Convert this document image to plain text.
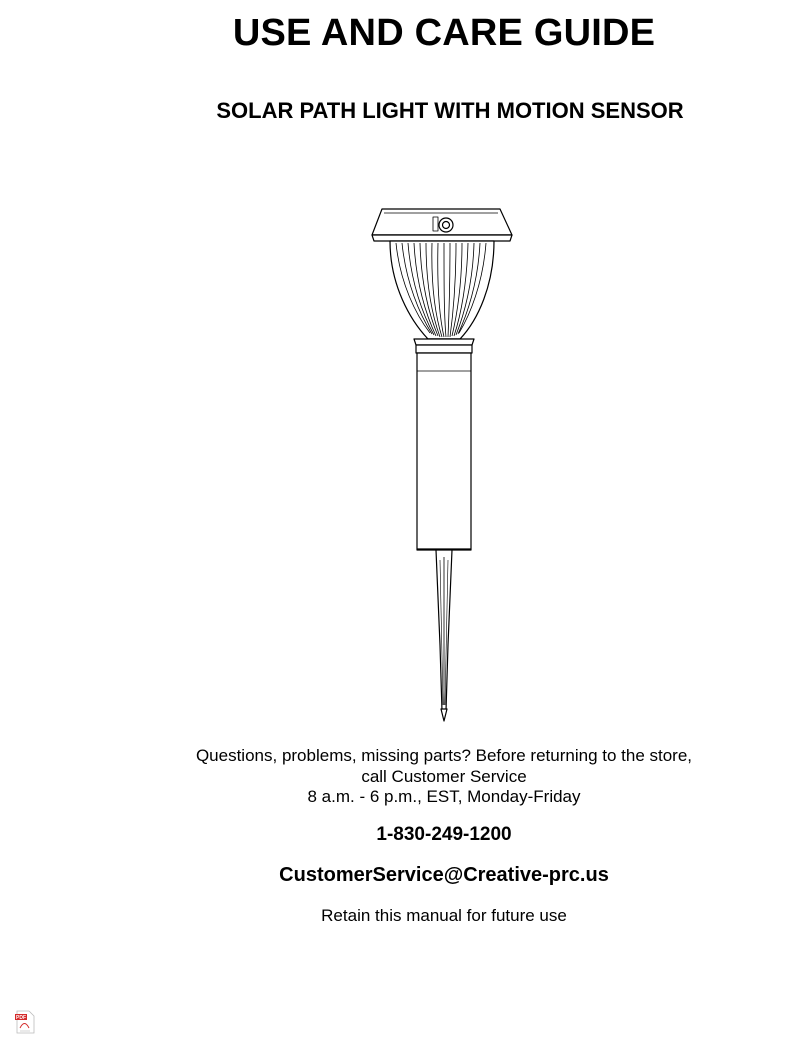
USE AND CARE GUIDE
SOLAR PATH LIGHT WITH MOTION SENSOR
Questions, problems, missing parts? Before returning to the store,
call Customer Service
8 a.m. - 6 p.m., EST, Monday-Friday
1-830-249-1200
CustomerService@Creative-prc.us
Retain this manual for future use
PDF
